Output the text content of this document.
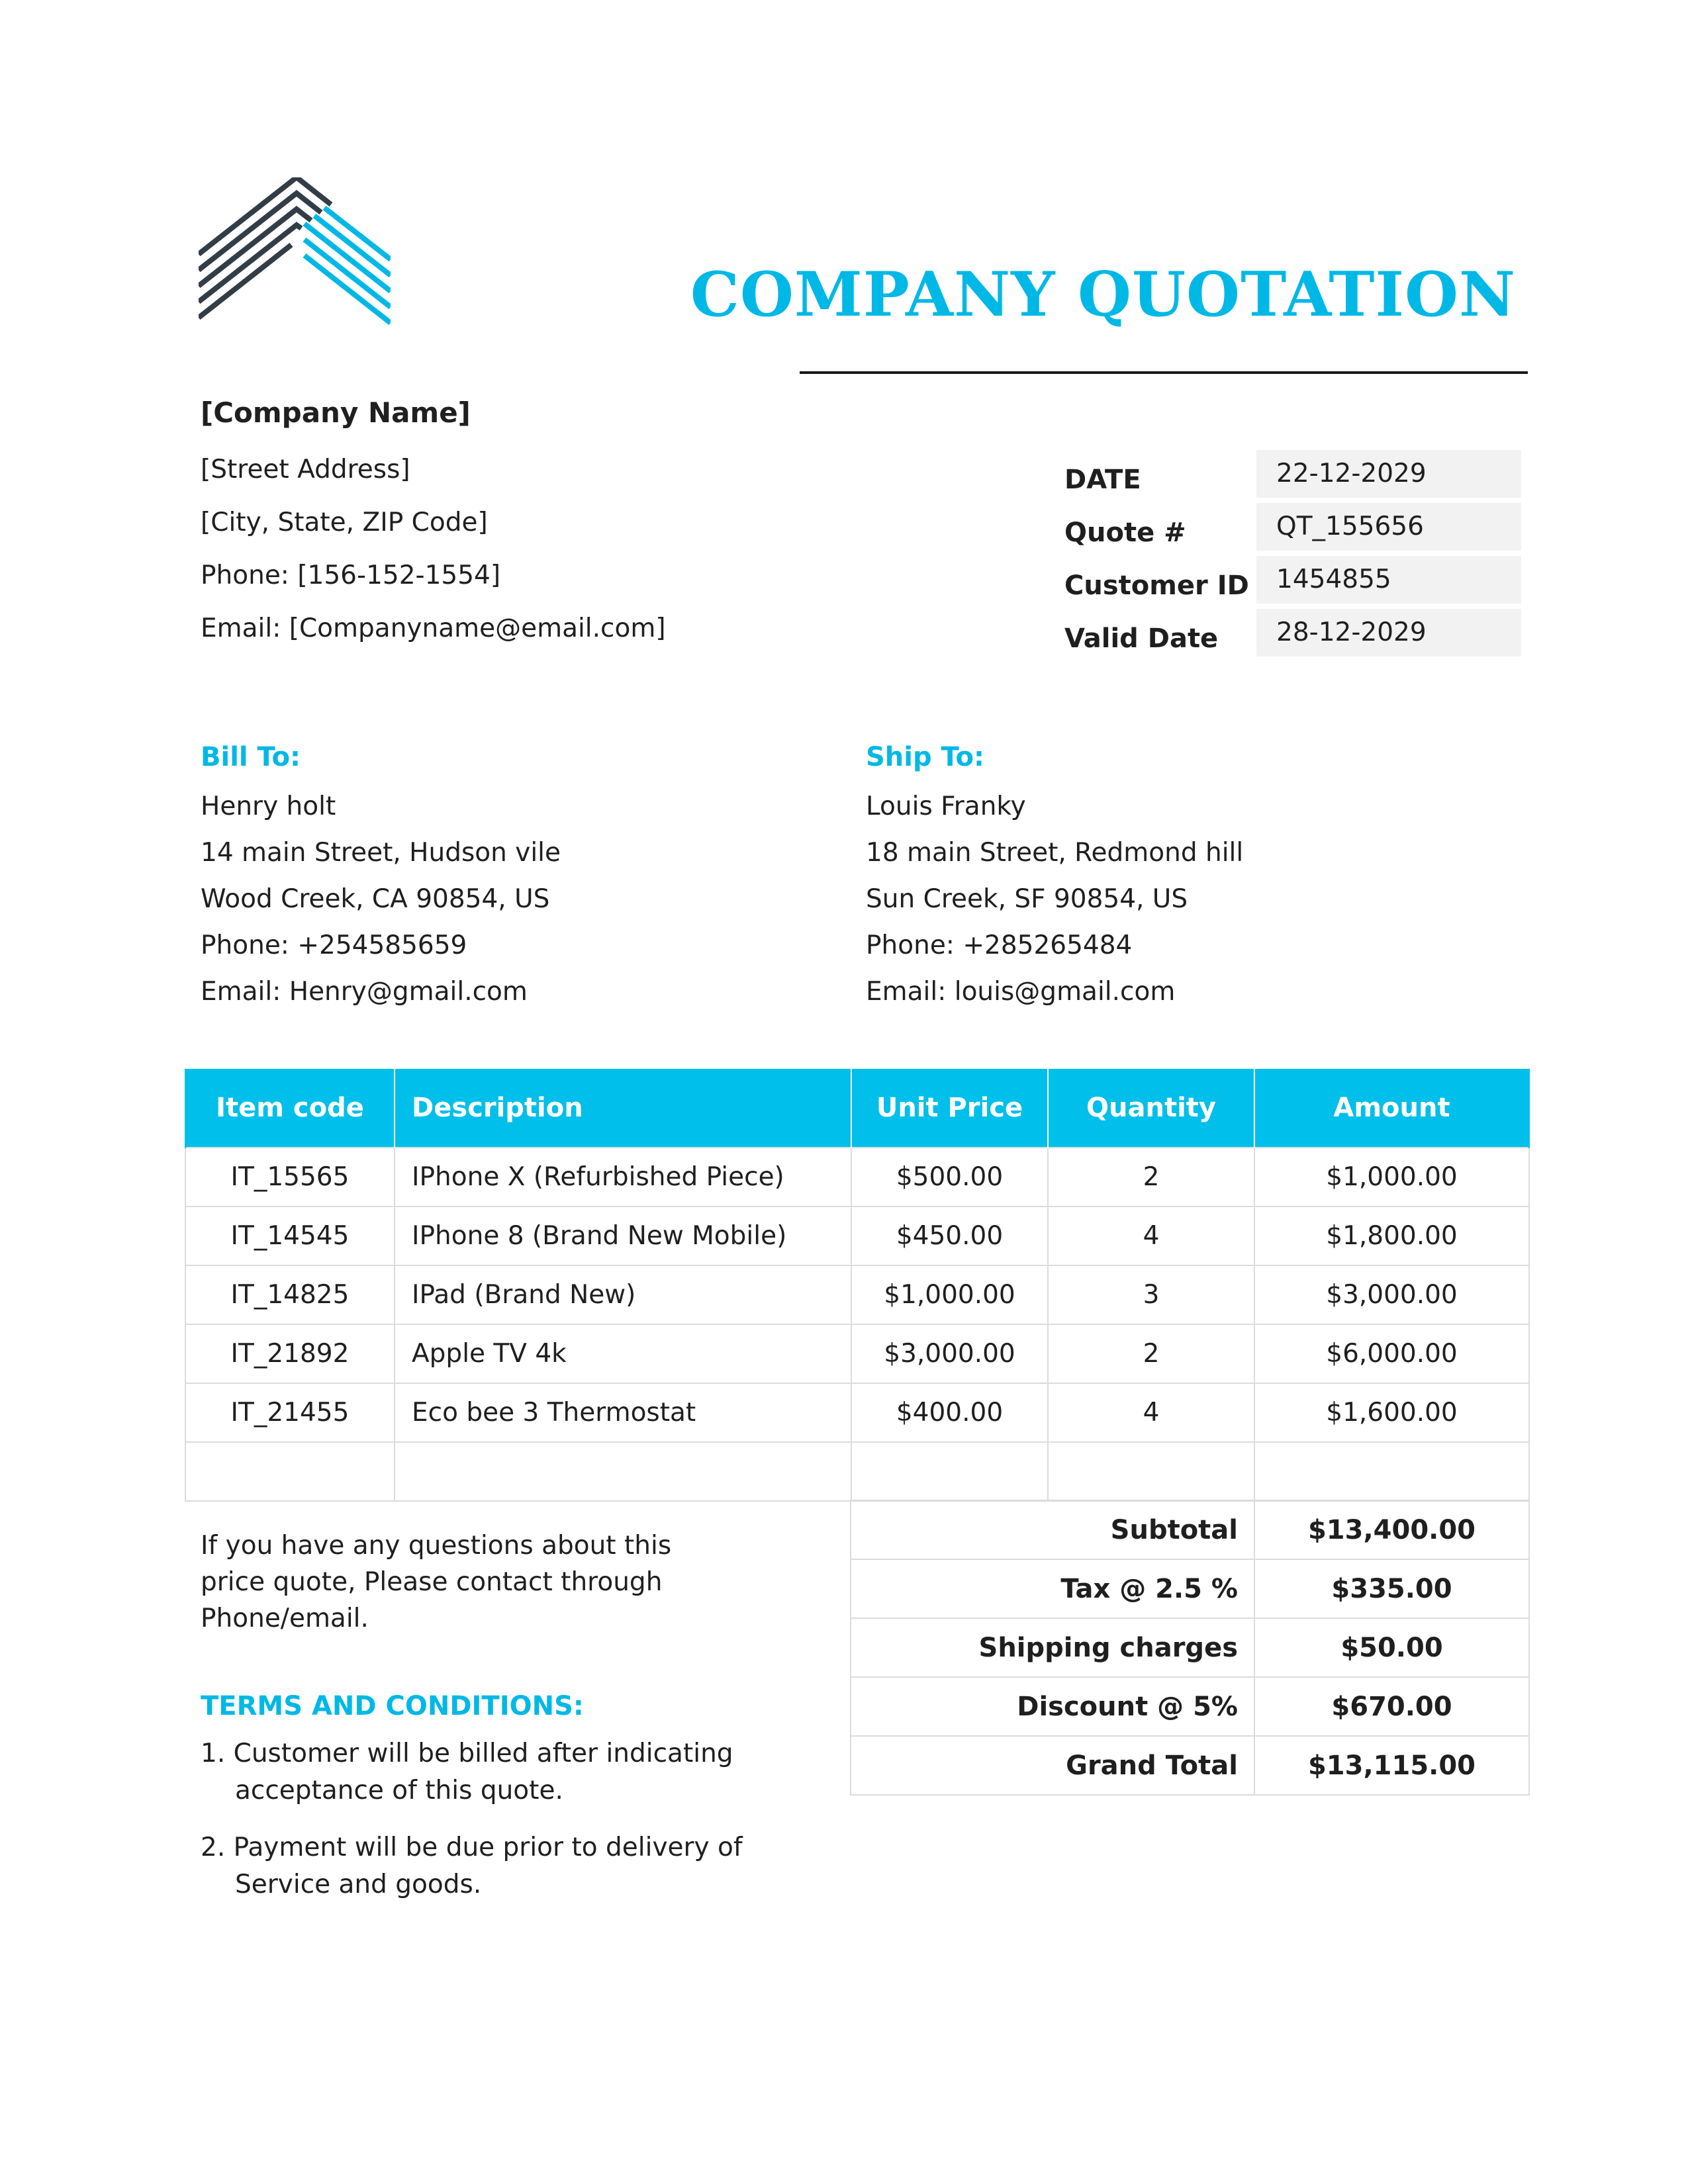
COMPANY QUOTATION
[Company Name]
[Street Address]
[City, State, ZIP Code]
Phone: [156-152-1554]
Email: [Companyname@email.com]
DATE	22-12-2029
Quote #	QT_155656
Customer ID	1454855
Valid Date	28-12-2029
Bill To:
Henry holt
14 main Street, Hudson vile
Wood Creek, CA 90854, US
Phone: +254585659
Email: Henry@gmail.com
Ship To:
Louis Franky
18 main Street, Redmond hill
Sun Creek, SF 90854, US
Phone: +285265484
Email: louis@gmail.com
Item code	Description	Unit Price	Quantity	Amount
IT_15565	IPhone X (Refurbished Piece)	$500.00	2	$1,000.00
IT_14545	IPhone 8 (Brand New Mobile)	$450.00	4	$1,800.00
IT_14825	IPad (Brand New)	$1,000.00	3	$3,000.00
IT_21892	Apple TV 4k	$3,000.00	2	$6,000.00
IT_21455	Eco bee 3 Thermostat	$400.00	4	$1,600.00

Subtotal	$13,400.00
Tax @ 2.5 %	$335.00
Shipping charges	$50.00
Discount @ 5%	$670.00
Grand Total	$13,115.00
If you have any questions about this
price quote, Please contact through
Phone/email.
TERMS AND CONDITIONS:
1. Customer will be billed after indicating
acceptance of this quote.
2. Payment will be due prior to delivery of
Service and goods.
